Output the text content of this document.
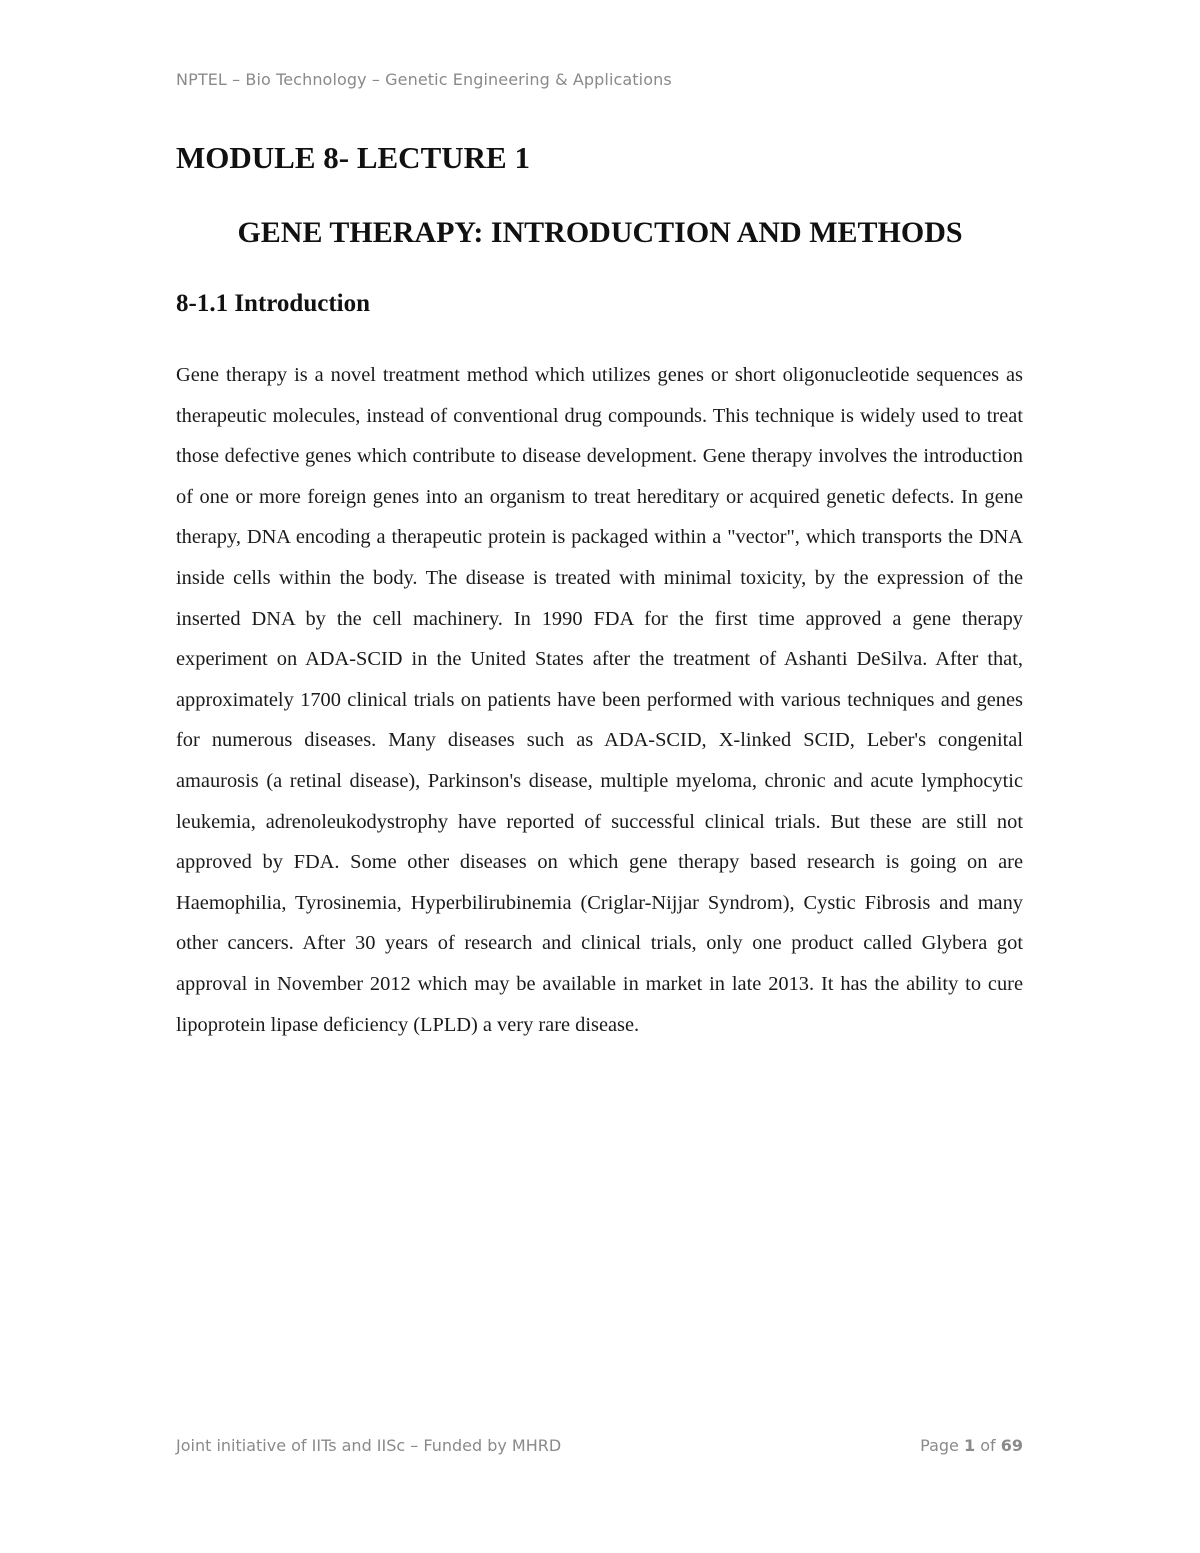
NPTEL – Bio Technology – Genetic Engineering & Applications
MODULE 8- LECTURE 1
GENE THERAPY: INTRODUCTION AND METHODS
8-1.1 Introduction

Gene therapy is a novel treatment method which utilizes genes or short oligonucleotide sequences as therapeutic molecules, instead of conventional drug compounds. This technique is widely used to treat those defective genes which contribute to disease development. Gene therapy involves the introduction of one or more foreign genes into an organism to treat hereditary or acquired genetic defects. In gene therapy, DNA encoding a therapeutic protein is packaged within a "vector", which transports the DNA inside cells within the body. The disease is treated with minimal toxicity, by the expression of the inserted DNA by the cell machinery. In 1990 FDA for the first time approved a gene therapy experiment on ADA-SCID in the United States after the treatment of Ashanti DeSilva. After that, approximately 1700 clinical trials on patients have been performed with various techniques and genes for numerous diseases. Many diseases such as ADA-SCID, X-linked SCID, Leber's congenital amaurosis (a retinal disease), Parkinson's disease, multiple myeloma, chronic and acute lymphocytic leukemia, adrenoleukodystrophy have reported of successful clinical trials. But these are still not approved by FDA. Some other diseases on which gene therapy based research is going on are Haemophilia, Tyrosinemia, Hyperbilirubinemia (Criglar-Nijjar Syndrom), Cystic Fibrosis and many other cancers. After 30 years of research and clinical trials, only one product called Glybera got approval in November 2012 which may be available in market in late 2013. It has the ability to cure lipoprotein lipase deficiency (LPLD) a very rare disease.

Joint initiative of IITs and IISc – Funded by MHRD	Page 1 of 69
